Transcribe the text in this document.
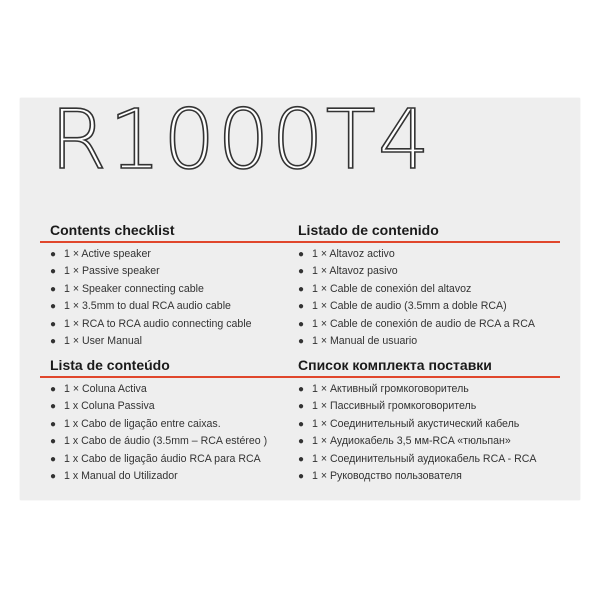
R1000T4
Contents checklist
● 1 × Active speaker
● 1 × Passive speaker
● 1 × Speaker connecting cable
● 1 × 3.5mm to dual RCA audio cable
● 1 × RCA to RCA audio connecting cable
● 1 × User Manual
Listado de contenido
● 1 × Altavoz activo
● 1 × Altavoz pasivo
● 1 × Cable de conexión del altavoz
● 1 × Cable de audio (3.5mm a doble RCA)
● 1 × Cable de conexión de audio de RCA a RCA
● 1 × Manual de usuario
Lista de conteúdo
● 1 × Coluna Activa
● 1 x Coluna Passiva
● 1 x Cabo de ligação entre caixas.
● 1 x Cabo de áudio (3.5mm – RCA estéreo )
● 1 x Cabo de ligação áudio RCA para RCA
● 1 x Manual do Utilizador
Список комплекта поставки
● 1 × Активный громкоговоритель
● 1 × Пассивный громкоговоритель
● 1 × Соединительный акустический кабель
● 1 × Аудиокабель 3,5 мм-RCA «тюльпан»
● 1 × Соединительный аудиокабель RCA - RCA
● 1 × Руководство пользователя
